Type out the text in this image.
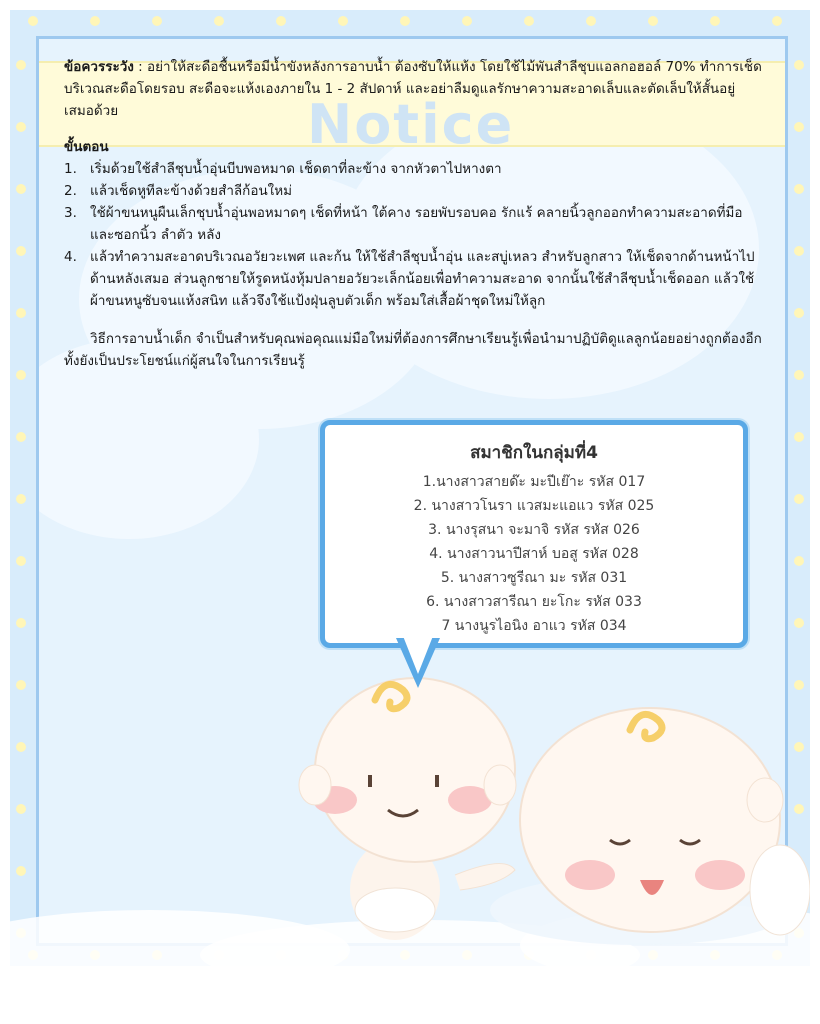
Notice
ข้อควรระวัง : อย่าให้สะดือชื้นหรือมีน้ำขังหลังการอาบน้ำ ต้องซับให้แห้ง โดยใช้ไม้พันสำลีชุบแอลกอฮอล์ 70% ทำการเช็ดบริเวณสะดือโดยรอบ สะดือจะแห้งเองภายใน 1 - 2 สัปดาห์ และอย่าลืมดูแลรักษาความสะอาดเล็บและตัดเล็บให้สั้นอยู่เสมอด้วย
ขั้นตอน
1. เริ่มด้วยใช้สำลีชุบน้ำอุ่นบีบพอหมาด เช็ดตาที่ละข้าง จากหัวตาไปหางตา
2. แล้วเช็ดหูทีละข้างด้วยสำลีก้อนใหม่
3. ใช้ผ้าขนหนูผืนเล็กชุบน้ำอุ่นพอหมาดๆ เช็ดที่หน้า ใต้คาง รอยพับรอบคอ รักแร้ คลายนิ้วลูกออกทำความสะอาดที่มือ และซอกนิ้ว ลำตัว หลัง
4. แล้วทำความสะอาดบริเวณอวัยวะเพศ และก้น ให้ใช้สำลีชุบน้ำอุ่น และสบู่เหลว สำหรับลูกสาว ให้เช็ดจากด้านหน้าไปด้านหลังเสมอ ส่วนลูกชายให้รูดหนังหุ้มปลายอวัยวะเล็กน้อยเพื่อทำความสะอาด จากนั้นใช้สำลีชุบน้ำเช็ดออก แล้วใช้ผ้าขนหนูซับจนแห้งสนิท แล้วจึงใช้แป้งฝุ่นลูบตัวเด็ก พร้อมใส่เสื้อผ้าชุดใหม่ให้ลูก
วิธีการอาบน้ำเด็ก จำเป็นสำหรับคุณพ่อคุณแม่มือใหม่ที่ต้องการศึกษาเรียนรู้เพื่อนำมาปฏิบัติดูแลลูกน้อยอย่างถูกต้องอีกทั้งยังเป็นประโยชน์แก่ผู้สนใจในการเรียนรู้
สมาชิกในกลุ่มที่4
1.นางสาวสายด๊ะ มะปีเย๊าะ รหัส 017
2. นางสาวโนรา แวสมะแอแว รหัส 025
3. นางรุสนา จะมาจิ รหัส รหัส 026
4. นางสาวนาปีสาห์ บอสู รหัส 028
5. นางสาวซูรีณา มะ รหัส 031
6. นางสาวสารีณา ยะโกะ รหัส 033
7 นางนูรไอนิง อาแว รหัส 034
